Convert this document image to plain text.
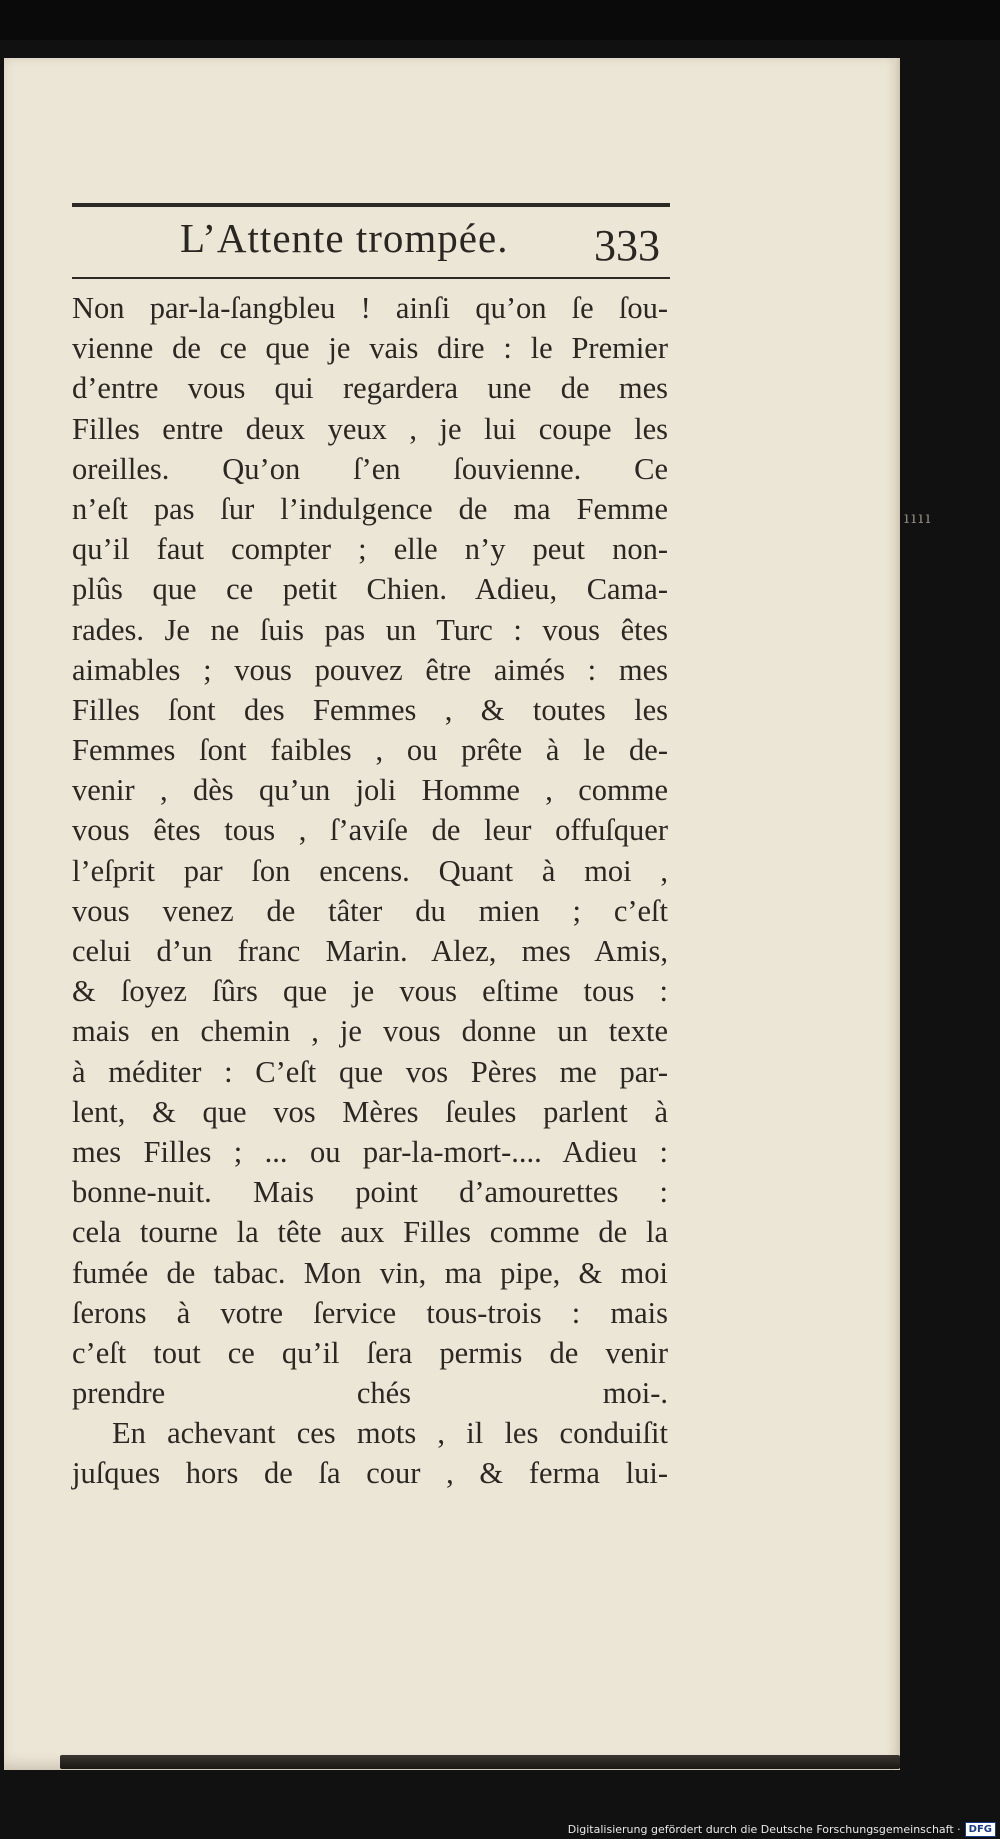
ıııı
L’Attente trompée. 333
Non par-la-ſangbleu ! ainſi qu’on ſe ſou-
vienne de ce que je vais dire : le Premier
d’entre vous qui regardera une de mes
Filles entre deux yeux , je lui coupe les
oreilles. Qu’on ſ’en ſouvienne. Ce
n’eſt pas ſur l’indulgence de ma Femme
qu’il faut compter ; elle n’y peut non-
plûs que ce petit Chien. Adieu, Cama-
rades. Je ne ſuis pas un Turc : vous êtes
aimables ; vous pouvez être aimés : mes
Filles ſont des Femmes , & toutes les
Femmes ſont faibles , ou prête à le de-
venir , dès qu’un joli Homme , comme
vous êtes tous , ſ’aviſe de leur offuſquer
l’eſprit par ſon encens. Quant à moi ,
vous venez de tâter du mien ; c’eſt
celui d’un franc Marin. Alez, mes Amis,
& ſoyez ſûrs que je vous eſtime tous :
mais en chemin , je vous donne un texte
à méditer : C’eſt que vos Pères me par-
lent, & que vos Mères ſeules parlent à
mes Filles ; ... ou par-la-mort-.... Adieu :
bonne-nuit. Mais point d’amourettes :
cela tourne la tête aux Filles comme de la
fumée de tabac. Mon vin, ma pipe, & moi
ſerons à votre ſervice tous-trois : mais
c’eſt tout ce qu’il ſera permis de venir
prendre chés moi-.
En achevant ces mots , il les conduiſit
juſques hors de ſa cour , & ferma lui-
Digitalisierung gefördert durch die Deutsche Forschungsgemeinschaft · DFG
